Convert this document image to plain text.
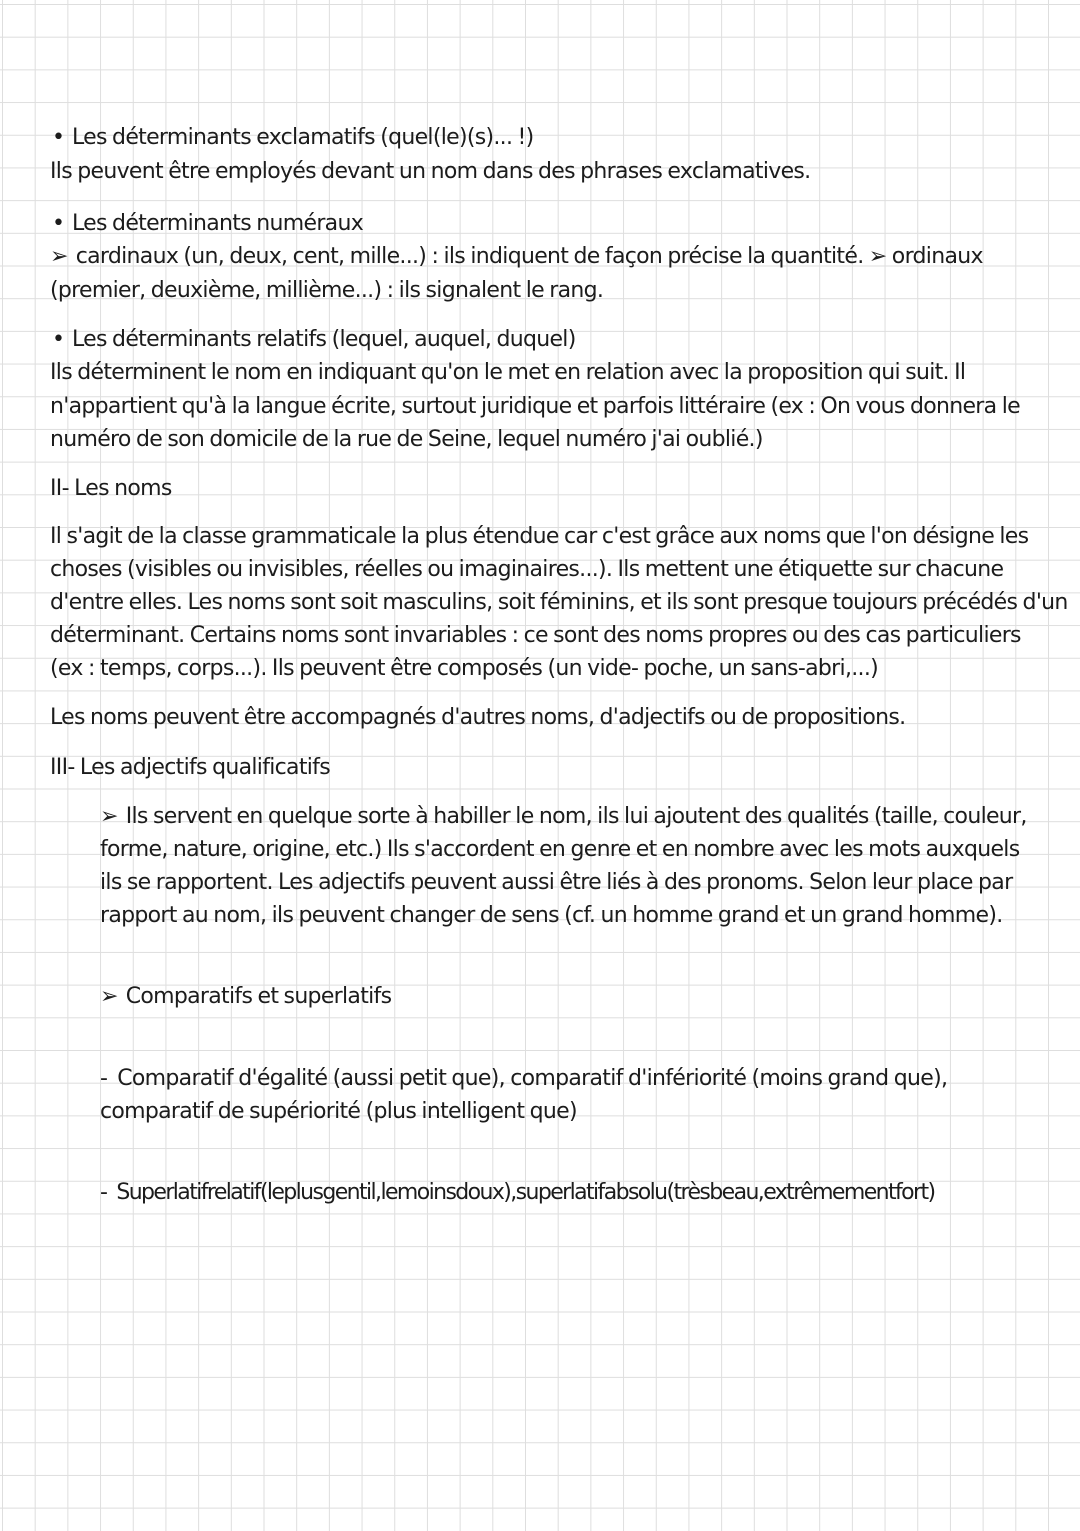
• Les déterminants exclamatifs (quel(le)(s)... !)
Ils peuvent être employés devant un nom dans des phrases exclamatives.
• Les déterminants numéraux
➢ cardinaux (un, deux, cent, mille...) : ils indiquent de façon précise la quantité. ➢ ordinaux
(premier, deuxième, millième...) : ils signalent le rang.
• Les déterminants relatifs (lequel, auquel, duquel)
Ils déterminent le nom en indiquant qu'on le met en relation avec la proposition qui suit. Il
n'appartient qu'à la langue écrite, surtout juridique et parfois littéraire (ex : On vous donnera le
numéro de son domicile de la rue de Seine, lequel numéro j'ai oublié.)
II- Les noms
Il s'agit de la classe grammaticale la plus étendue car c'est grâce aux noms que l'on désigne les
choses (visibles ou invisibles, réelles ou imaginaires...). Ils mettent une étiquette sur chacune
d'entre elles. Les noms sont soit masculins, soit féminins, et ils sont presque toujours précédés d'un
déterminant. Certains noms sont invariables : ce sont des noms propres ou des cas particuliers
(ex : temps, corps...). Ils peuvent être composés (un vide- poche, un sans-abri,...)
Les noms peuvent être accompagnés d'autres noms, d'adjectifs ou de propositions.
III- Les adjectifs qualificatifs
➢ Ils servent en quelque sorte à habiller le nom, ils lui ajoutent des qualités (taille, couleur,
forme, nature, origine, etc.) Ils s'accordent en genre et en nombre avec les mots auxquels
ils se rapportent. Les adjectifs peuvent aussi être liés à des pronoms. Selon leur place par
rapport au nom, ils peuvent changer de sens (cf. un homme grand et un grand homme).
➢ Comparatifs et superlatifs
- Comparatif d'égalité (aussi petit que), comparatif d'infériorité (moins grand que),
comparatif de supériorité (plus intelligent que)
- Superlatifrelatif(leplusgentil,lemoinsdoux),superlatifabsolu(trèsbeau,extrêmementfort)
